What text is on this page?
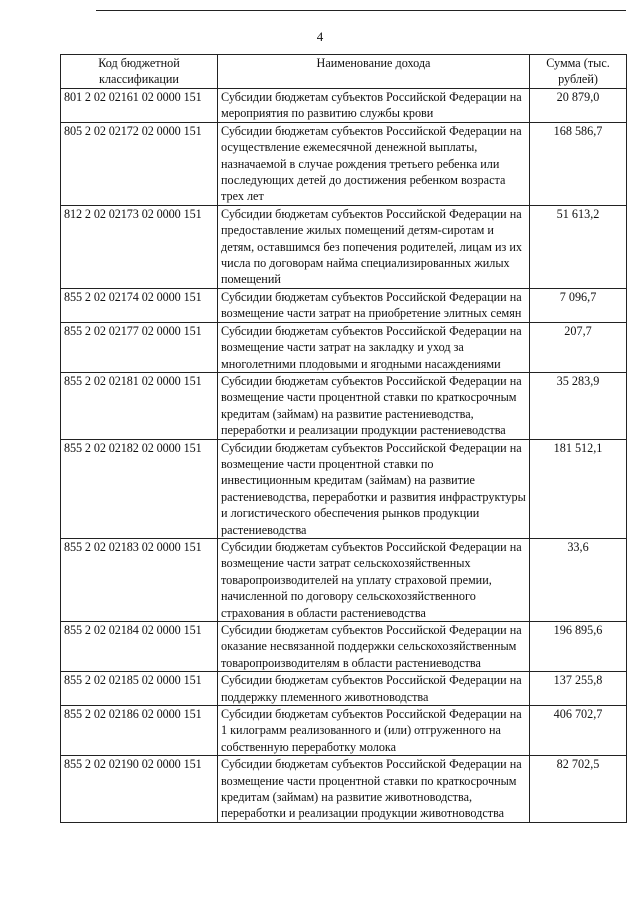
4
Код бюджетной классификации	Наименование дохода	Сумма (тыс. рублей)
801 2 02 02161 02 0000 151	Субсидии бюджетам субъектов Российской Федерации на мероприятия по развитию службы крови	20 879,0
805 2 02 02172 02 0000 151	Субсидии бюджетам субъектов Российской Федерации на осуществление ежемесячной денежной выплаты, назначаемой в случае рождения третьего ребенка или последующих детей до достижения ребенком возраста трех лет	168 586,7
812 2 02 02173 02 0000 151	Субсидии бюджетам субъектов Российской Федерации на предоставление жилых помещений детям-сиротам и детям, оставшимся без попечения родителей, лицам из их числа по договорам найма специализированных жилых помещений	51 613,2
855 2 02 02174 02 0000 151	Субсидии бюджетам субъектов Российской Федерации на возмещение части затрат на приобретение элитных семян	7 096,7
855 2 02 02177 02 0000 151	Субсидии бюджетам субъектов Российской Федерации на возмещение части затрат на закладку и уход за многолетними плодовыми и ягодными насаждениями	207,7
855 2 02 02181 02 0000 151	Субсидии бюджетам субъектов Российской Федерации на возмещение части процентной ставки по краткосрочным кредитам (займам) на развитие растениеводства, переработки и реализации продукции растениеводства	35 283,9
855 2 02 02182 02 0000 151	Субсидии бюджетам субъектов Российской Федерации на возмещение части процентной ставки по инвестиционным кредитам (займам) на развитие растениеводства, переработки и развития инфраструктуры и логистического обеспечения рынков продукции растениеводства	181 512,1
855 2 02 02183 02 0000 151	Субсидии бюджетам субъектов Российской Федерации на возмещение части затрат сельскохозяйственных товаропроизводителей на уплату страховой премии, начисленной по договору сельскохозяйственного страхования в области растениеводства	33,6
855 2 02 02184 02 0000 151	Субсидии бюджетам субъектов Российской Федерации на оказание несвязанной поддержки сельскохозяйственным товаропроизводителям в области растениеводства	196 895,6
855 2 02 02185 02 0000 151	Субсидии бюджетам субъектов Российской Федерации на поддержку племенного животноводства	137 255,8
855 2 02 02186 02 0000 151	Субсидии бюджетам субъектов Российской Федерации на 1 килограмм реализованного и (или) отгруженного на собственную переработку молока	406 702,7
855 2 02 02190 02 0000 151	Субсидии бюджетам субъектов Российской Федерации на возмещение части процентной ставки по краткосрочным кредитам (займам) на развитие животноводства, переработки и реализации продукции животноводства	82 702,5
